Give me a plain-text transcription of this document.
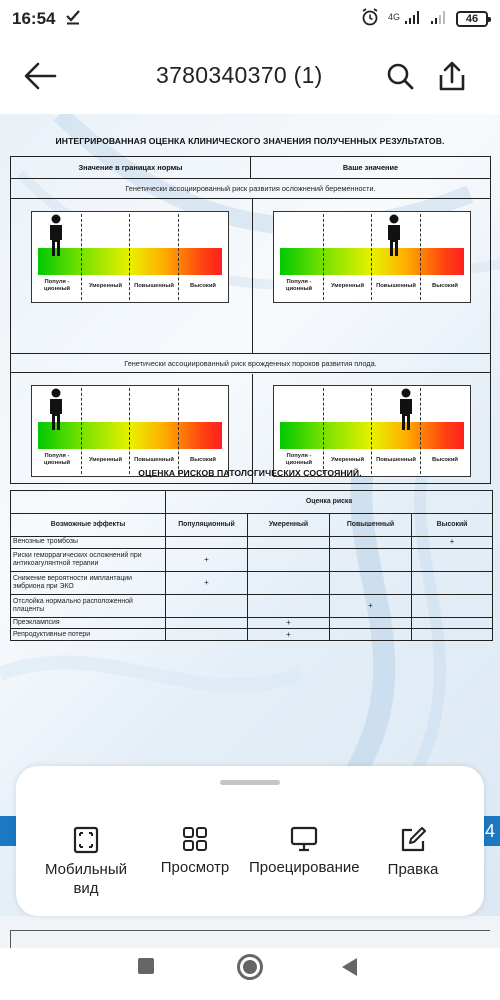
16:54	4G	46
3780340370 (1)
ИНТЕГРИРОВАННАЯ ОЦЕНКА КЛИНИЧЕСКОГО ЗНАЧЕНИЯ ПОЛУЧЕННЫХ РЕЗУЛЬТАТОВ.
Значение в границах нормы	Ваше значение
Генетически ассоциированный риск развития осложнений беременности.
Генетически ассоциированный риск врожденных пороков развития плода.
Популя - ционный	Умеренный	Повышенный	Высокий
Популя - ционный	Умеренный	Повышенный	Высокий
Популя - ционный	Умеренный	Повышенный	Высокий
Популя - ционный	Умеренный	Повышенный	Высокий
ОЦЕНКА РИСКОВ ПАТОЛОГИЧЕСКИХ СОСТОЯНИЙ.
	Оценка риска			
Возможные эффекты	Популяционный	Умеренный	Повышенный	Высокий
Венозные тромбозы				+
Риски геморрагических осложнений при антикоагулянтной терапии	+			
Снижение вероятности имплантации эмбриона при ЭКО	+			
Отслойка нормально расположенной плаценты			+	
Преэклампсия		+		
Репродуктивные потери		+		
4
Мобильный вид
Просмотр	Проецирование	Правка
